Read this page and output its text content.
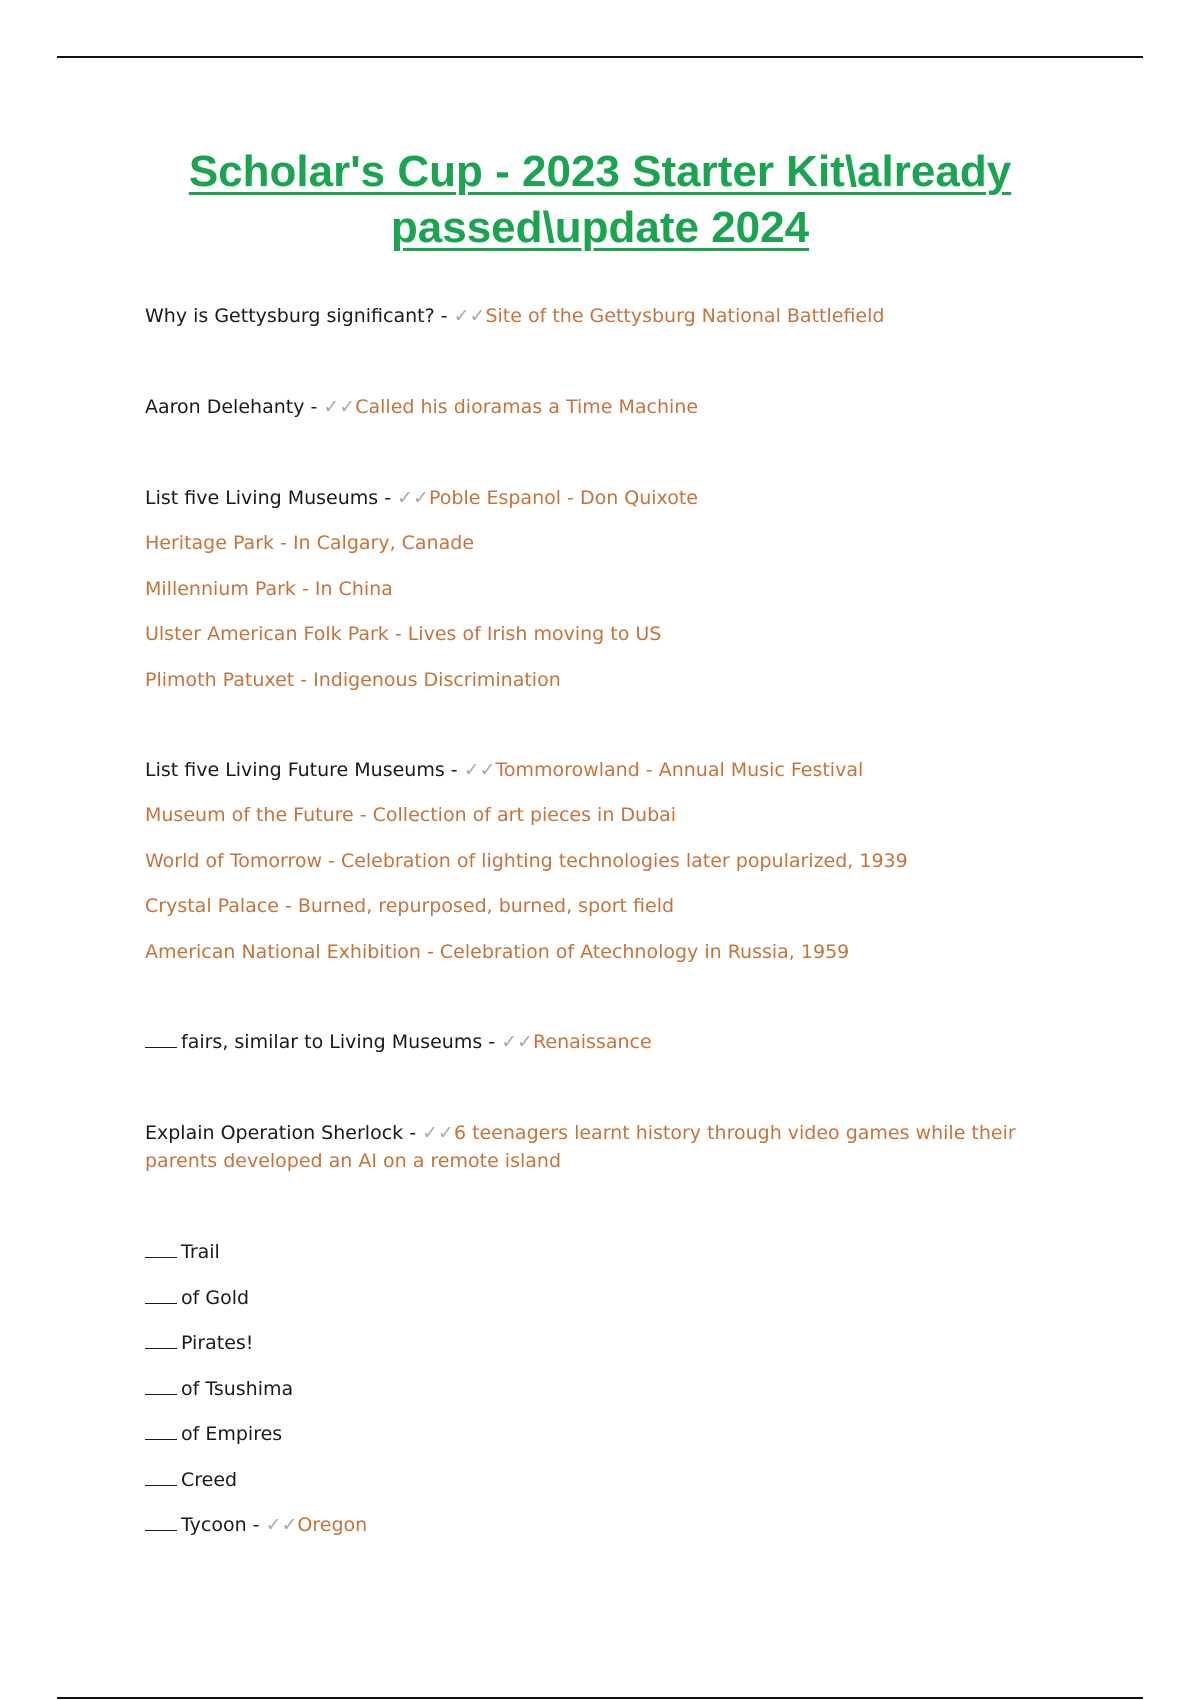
Scholar's Cup - 2023 Starter Kit\already
passed\update 2024
Why is Gettysburg significant? - ✓✓Site of the Gettysburg National Battlefield
Aaron Delehanty - ✓✓Called his dioramas a Time Machine
List five Living Museums - ✓✓Poble Espanol - Don Quixote
Heritage Park - In Calgary, Canade
Millennium Park - In China
Ulster American Folk Park - Lives of Irish moving to US
Plimoth Patuxet - Indigenous Discrimination
List five Living Future Museums - ✓✓Tommorowland - Annual Music Festival
Museum of the Future - Collection of art pieces in Dubai
World of Tomorrow - Celebration of lighting technologies later popularized, 1939
Crystal Palace - Burned, repurposed, burned, sport field
American National Exhibition - Celebration of Atechnology in Russia, 1959
fairs, similar to Living Museums - ✓✓Renaissance
Explain Operation Sherlock - ✓✓6 teenagers learnt history through video games while their parents developed an AI on a remote island
Trail
of Gold
Pirates!
of Tsushima
of Empires
Creed
Tycoon - ✓✓Oregon
